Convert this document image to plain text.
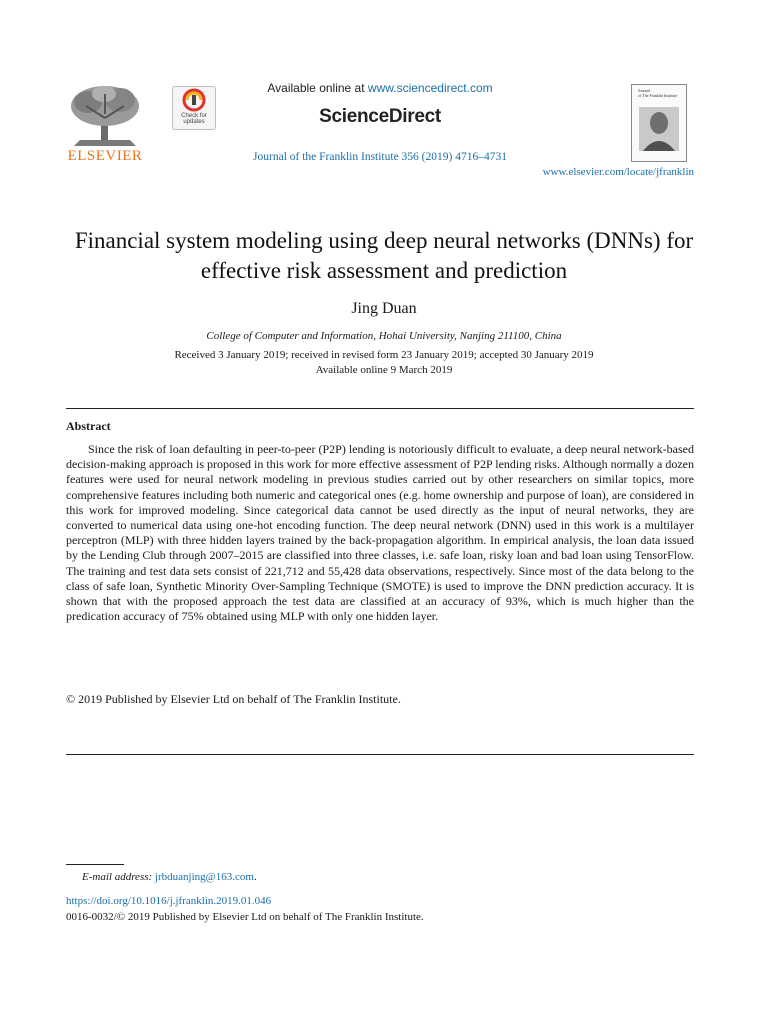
ELSEVIER
Check for updates
Available online at www.sciencedirect.com
ScienceDirect
Journal of the Franklin Institute 356 (2019) 4716–4731
Journal
of The Franklin Institute
www.elsevier.com/locate/jfranklin
Financial system modeling using deep neural networks (DNNs) for effective risk assessment and prediction
Jing Duan
College of Computer and Information, Hohai University, Nanjing 211100, China
Received 3 January 2019; received in revised form 23 January 2019; accepted 30 January 2019
Available online 9 March 2019
Abstract

Since the risk of loan defaulting in peer-to-peer (P2P) lending is notoriously difficult to evaluate, a deep neural network-based decision-making approach is proposed in this work for more effective assessment of P2P lending risks. Although normally a dozen features were used for neural network modeling in previous studies carried out by other researchers on similar topics, more comprehensive features including both numeric and categorical ones (e.g. home ownership and purpose of loan), are considered in this work for improved modeling. Since categorical data cannot be used directly as the input of neural networks, they are converted to numerical data using one-hot encoding function. The deep neural network (DNN) used in this work is a multilayer perceptron (MLP) with three hidden layers trained by the back-propagation algorithm. In empirical analysis, the loan data issued by the Lending Club through 2007–2015 are classified into three classes, i.e. safe loan, risky loan and bad loan using TensorFlow. The training and test data sets consist of 221,712 and 55,428 data observations, respectively. Since most of the data belong to the class of safe loan, Synthetic Minority Over-Sampling Technique (SMOTE) is used to improve the DNN prediction accuracy. It is shown that with the proposed approach the test data are classified at an accuracy of 93%, which is much higher than the predication accuracy of 75% obtained using MLP with only one hidden layer.

© 2019 Published by Elsevier Ltd on behalf of The Franklin Institute.
E-mail address: jrbduanjing@163.com.
https://doi.org/10.1016/j.jfranklin.2019.01.046
0016-0032/© 2019 Published by Elsevier Ltd on behalf of The Franklin Institute.
